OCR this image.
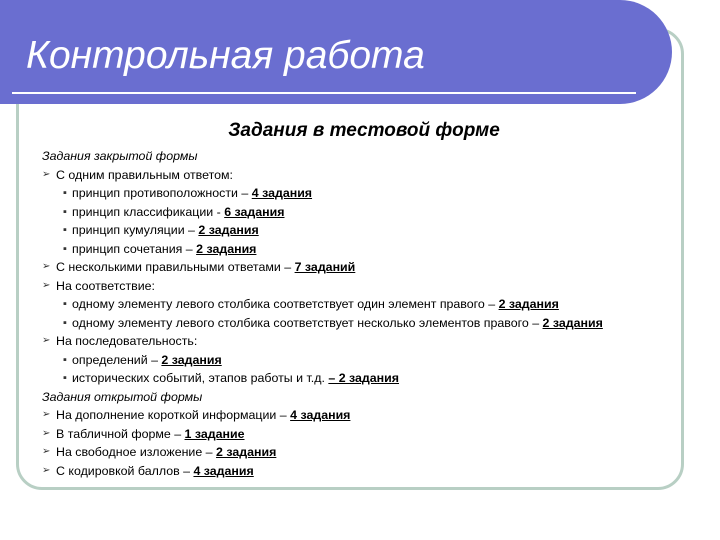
Контрольная работа
Задания в тестовой форме
Задания закрытой формы
➢ С одним правильным ответом:
▪ принцип противоположности – 4 задания
▪ принцип классификации - 6 задания
▪ принцип кумуляции – 2 задания
▪ принцип сочетания – 2 задания
➢ С несколькими правильными ответами – 7 заданий
➢ На соответствие:
▪ одному элементу левого столбика соответствует один элемент правого – 2 задания
▪ одному элементу левого столбика соответствует несколько элементов правого – 2 задания
➢ На последовательность:
▪ определений – 2 задания
▪ исторических событий, этапов работы и т.д. – 2 задания
Задания открытой формы
➢ На дополнение короткой информации – 4 задания
➢ В табличной форме – 1 задание
➢ На свободное изложение – 2 задания
➢ С кодировкой баллов – 4 задания
